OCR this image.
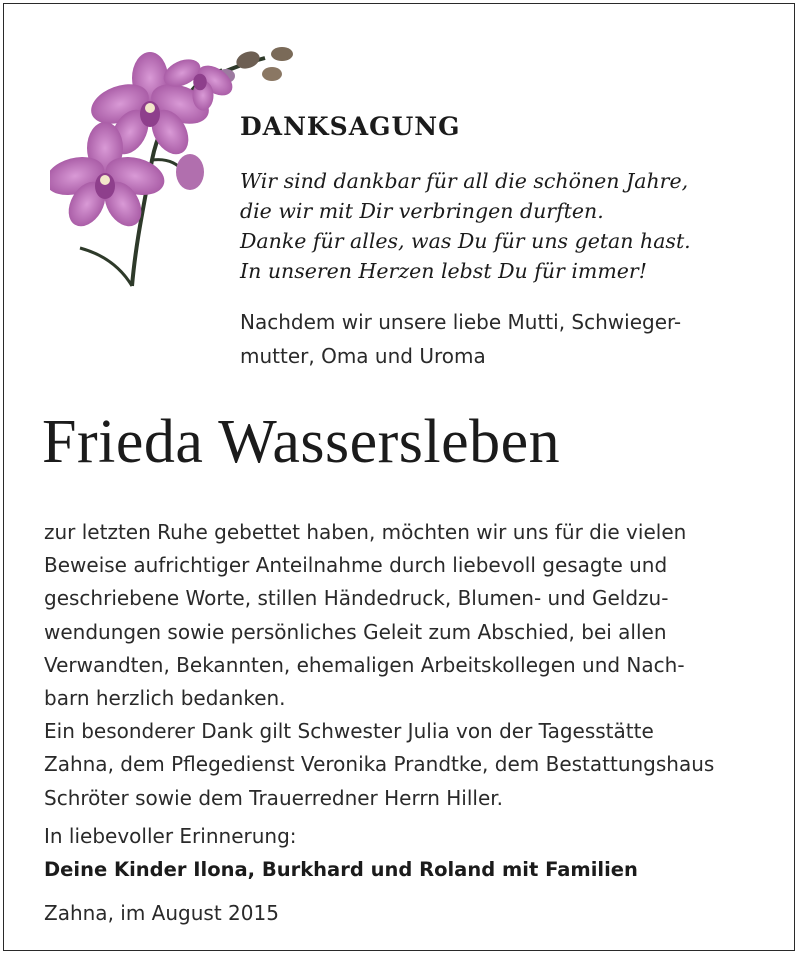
DANKSAGUNG
Wir sind dankbar für all die schönen Jahre,
die wir mit Dir verbringen durften.
Danke für alles, was Du für uns getan hast.
In unseren Herzen lebst Du für immer!
Nachdem wir unsere liebe Mutti, Schwieger-
mutter, Oma und Uroma
Frieda Wassersleben
zur letzten Ruhe gebettet haben, möchten wir uns für die vielen
Beweise aufrichtiger Anteilnahme durch liebevoll gesagte und
geschriebene Worte, stillen Händedruck, Blumen- und Geldzu-
wendungen sowie persönliches Geleit zum Abschied, bei allen
Verwandten, Bekannten, ehemaligen Arbeitskollegen und Nach-
barn herzlich bedanken.
Ein besonderer Dank gilt Schwester Julia von der Tagesstätte
Zahna, dem Pflegedienst Veronika Prandtke, dem Bestattungshaus
Schröter sowie dem Trauerredner Herrn Hiller.
In liebevoller Erinnerung:
Deine Kinder Ilona, Burkhard und Roland mit Familien
Zahna, im August 2015
